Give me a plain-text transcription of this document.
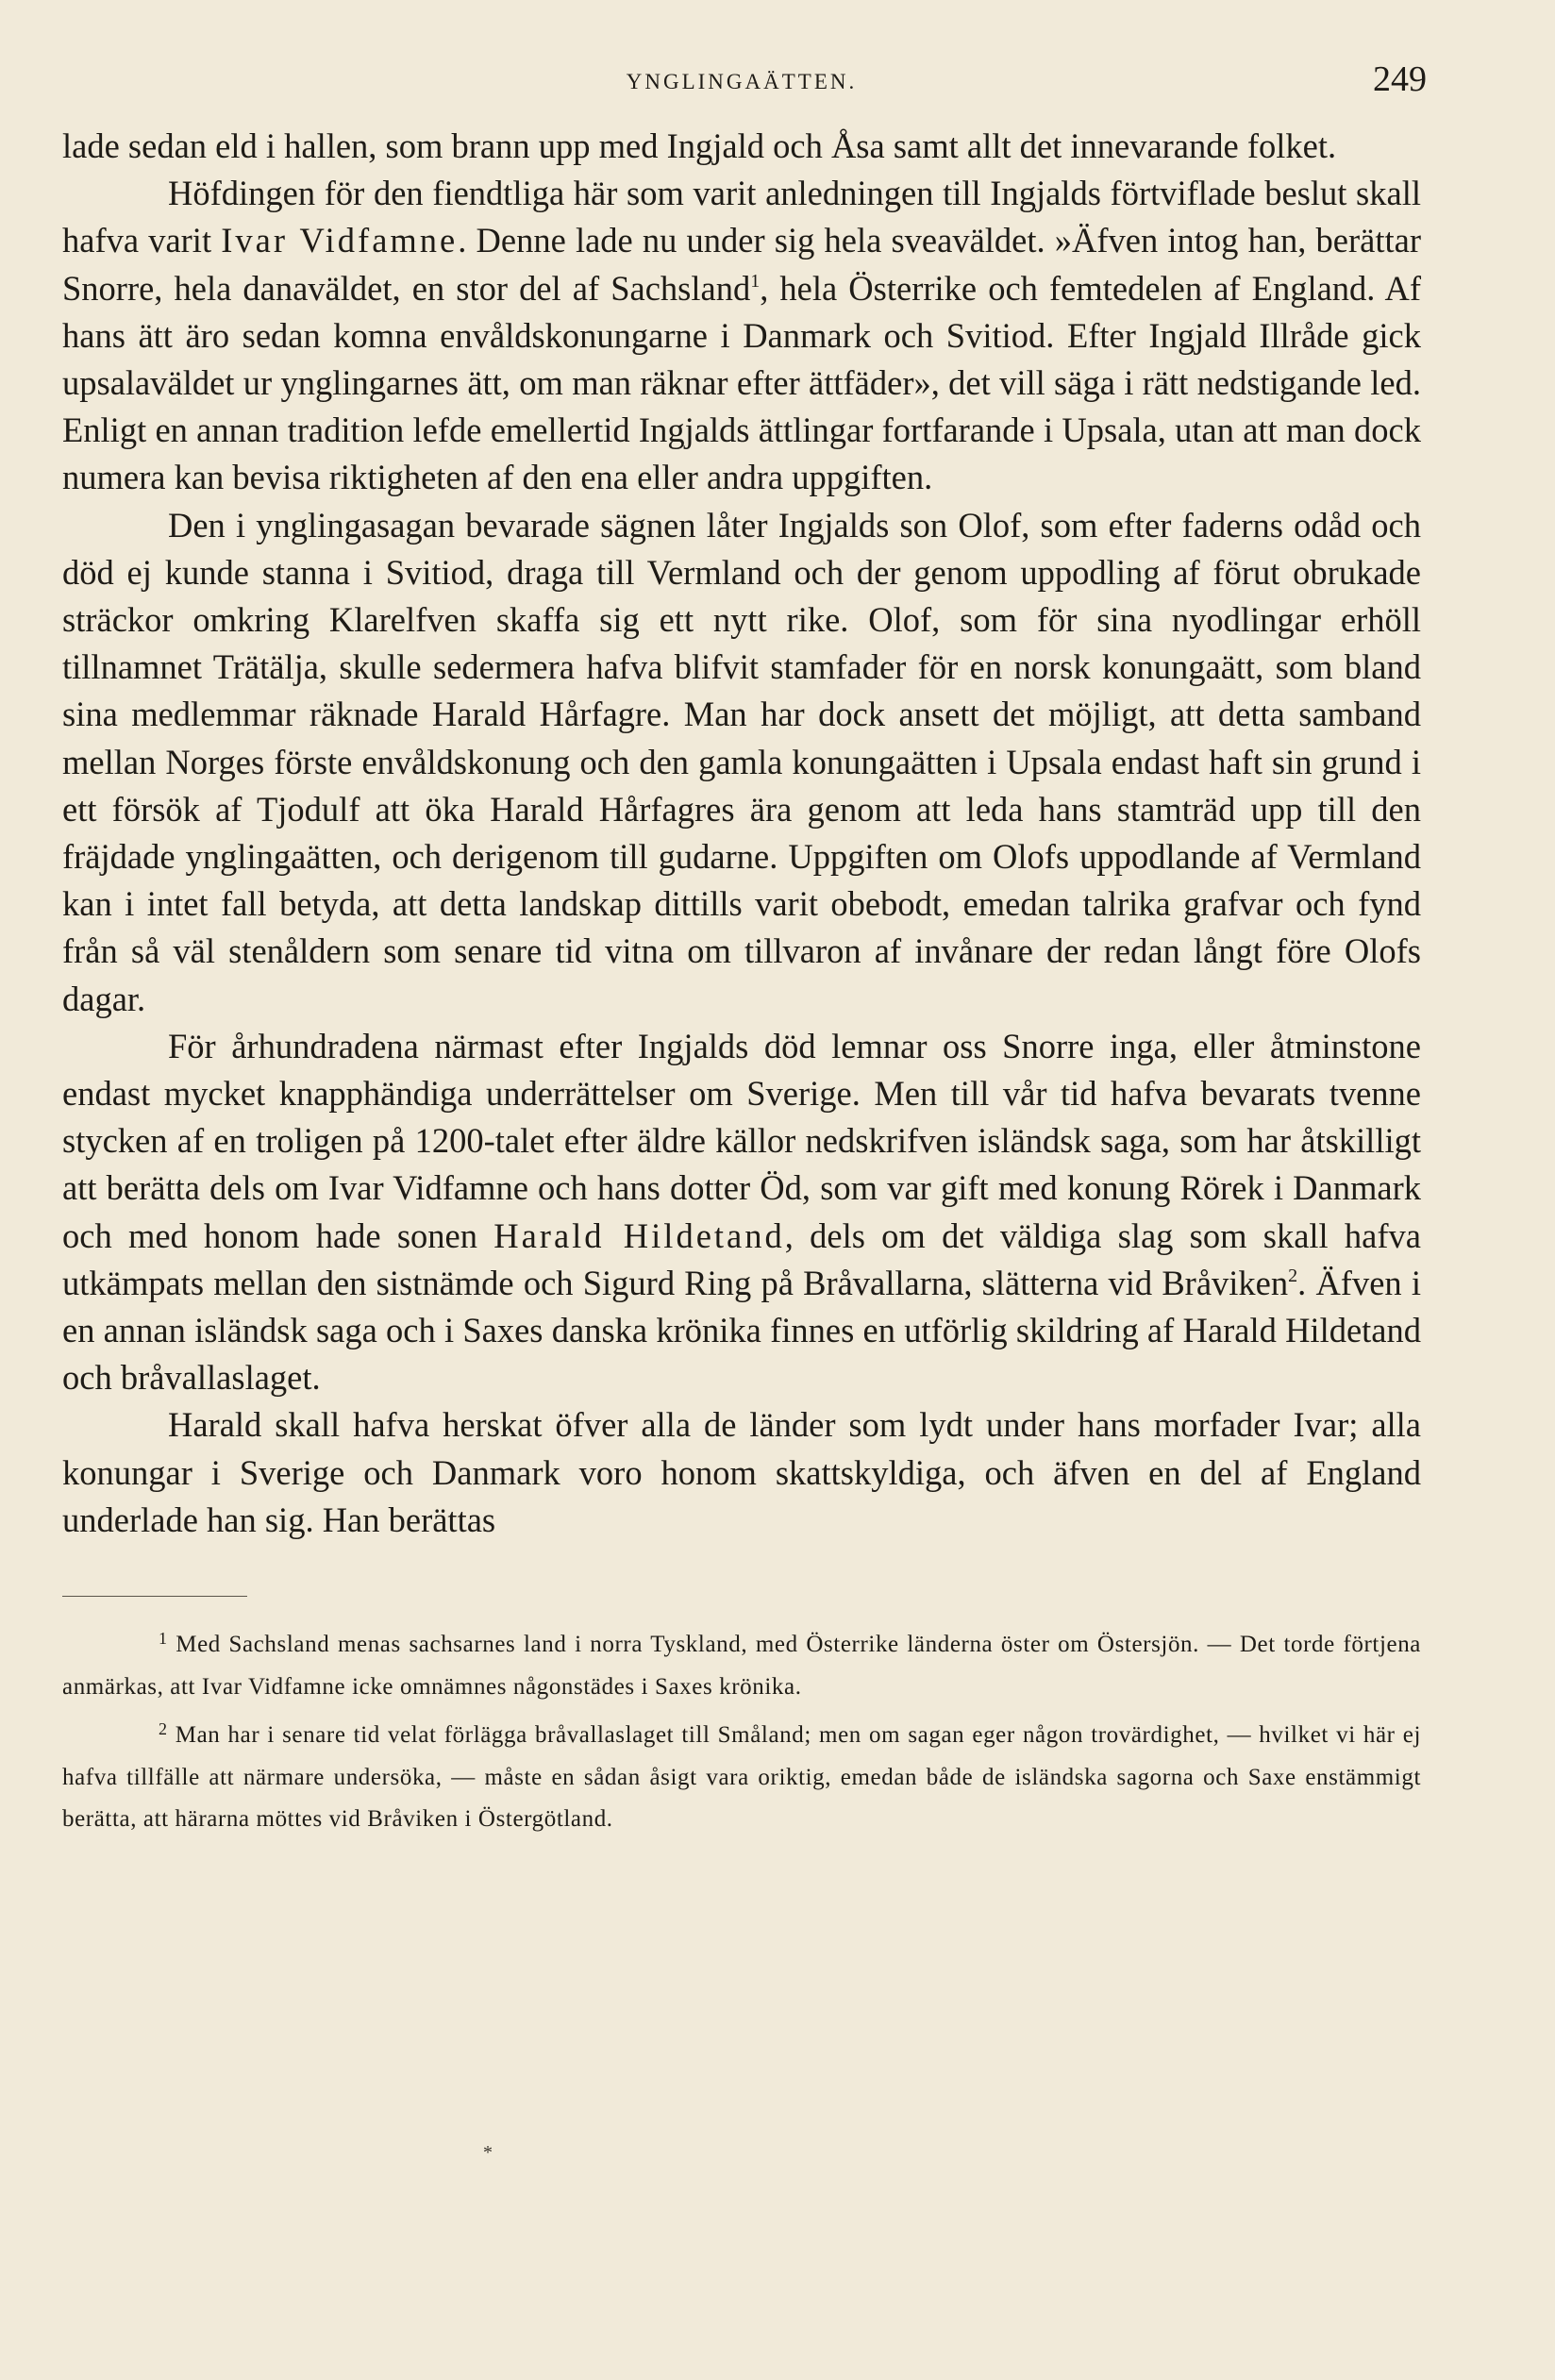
YNGLINGAÄTTEN.	249

lade sedan eld i hallen, som brann upp med Ingjald och Åsa samt allt det innevarande folket.

Höfdingen för den fiendtliga här som varit anledningen till Ingjalds förtviflade beslut skall hafva varit Ivar Vidfamne. Denne lade nu under sig hela sveaväldet. »Äfven intog han, berättar Snorre, hela danaväldet, en stor del af Sachsland$^1$, hela Österrike och femtedelen af England. Af hans ätt äro sedan komna envåldskonungarne i Danmark och Svitiod. Efter Ingjald Illråde gick upsalaväldet ur ynglingarnes ätt, om man räknar efter ättfäder», det vill säga i rätt nedstigande led. Enligt en annan tradition lefde emellertid Ingjalds ättlingar fortfarande i Upsala, utan att man dock numera kan bevisa riktigheten af den ena eller andra uppgiften.

Den i ynglingasagan bevarade sägnen låter Ingjalds son Olof, som efter faderns odåd och död ej kunde stanna i Svitiod, draga till Vermland och der genom uppodling af förut obrukade sträckor omkring Klarelfven skaffa sig ett nytt rike. Olof, som för sina nyodlingar erhöll tillnamnet Trätälja, skulle sedermera hafva blifvit stamfader för en norsk konungaätt, som bland sina medlemmar räknade Harald Hårfagre. Man har dock ansett det möjligt, att detta samband mellan Norges förste envåldskonung och den gamla konungaätten i Upsala endast haft sin grund i ett försök af Tjodulf att öka Harald Hårfagres ära genom att leda hans stamträd upp till den fräjdade ynglingaätten, och derigenom till gudarne. Uppgiften om Olofs uppodlande af Vermland kan i intet fall betyda, att detta landskap dittills varit obebodt, emedan talrika grafvar och fynd från så väl stenåldern som senare tid vitna om tillvaron af invånare der redan långt före Olofs dagar.

För århundradena närmast efter Ingjalds död lemnar oss Snorre inga, eller åtminstone endast mycket knapphändiga underrättelser om Sverige. Men till vår tid hafva bevarats tvenne stycken af en troligen på 1200-talet efter äldre källor nedskrifven isländsk saga, som har åtskilligt att berätta dels om Ivar Vidfamne och hans dotter Öd, som var gift med konung Rörek i Danmark och med honom hade sonen Harald Hildetand, dels om det väldiga slag som skall hafva utkämpats mellan den sistnämde och Sigurd Ring på Bråvallarna, slätterna vid Bråviken$^2$. Äfven i en annan isländsk saga och i Saxes danska krönika finnes en utförlig skildring af Harald Hildetand och bråvallaslaget.

Harald skall hafva herskat öfver alla de länder som lydt under hans morfader Ivar; alla konungar i Sverige och Danmark voro honom skattskyldiga, och äfven en del af England underlade han sig. Han berättas

$^1$ Med Sachsland menas sachsarnes land i norra Tyskland, med Österrike länderna öster om Östersjön. — Det torde förtjena anmärkas, att Ivar Vidfamne icke omnämnes någonstädes i Saxes krönika.

$^2$ Man har i senare tid velat förlägga bråvallaslaget till Småland; men om sagan eger någon trovärdighet, — hvilket vi här ej hafva tillfälle att närmare undersöka, — måste en sådan åsigt vara oriktig, emedan både de isländska sagorna och Saxe enstämmigt berätta, att härarna möttes vid Bråviken i Östergötland.

*
